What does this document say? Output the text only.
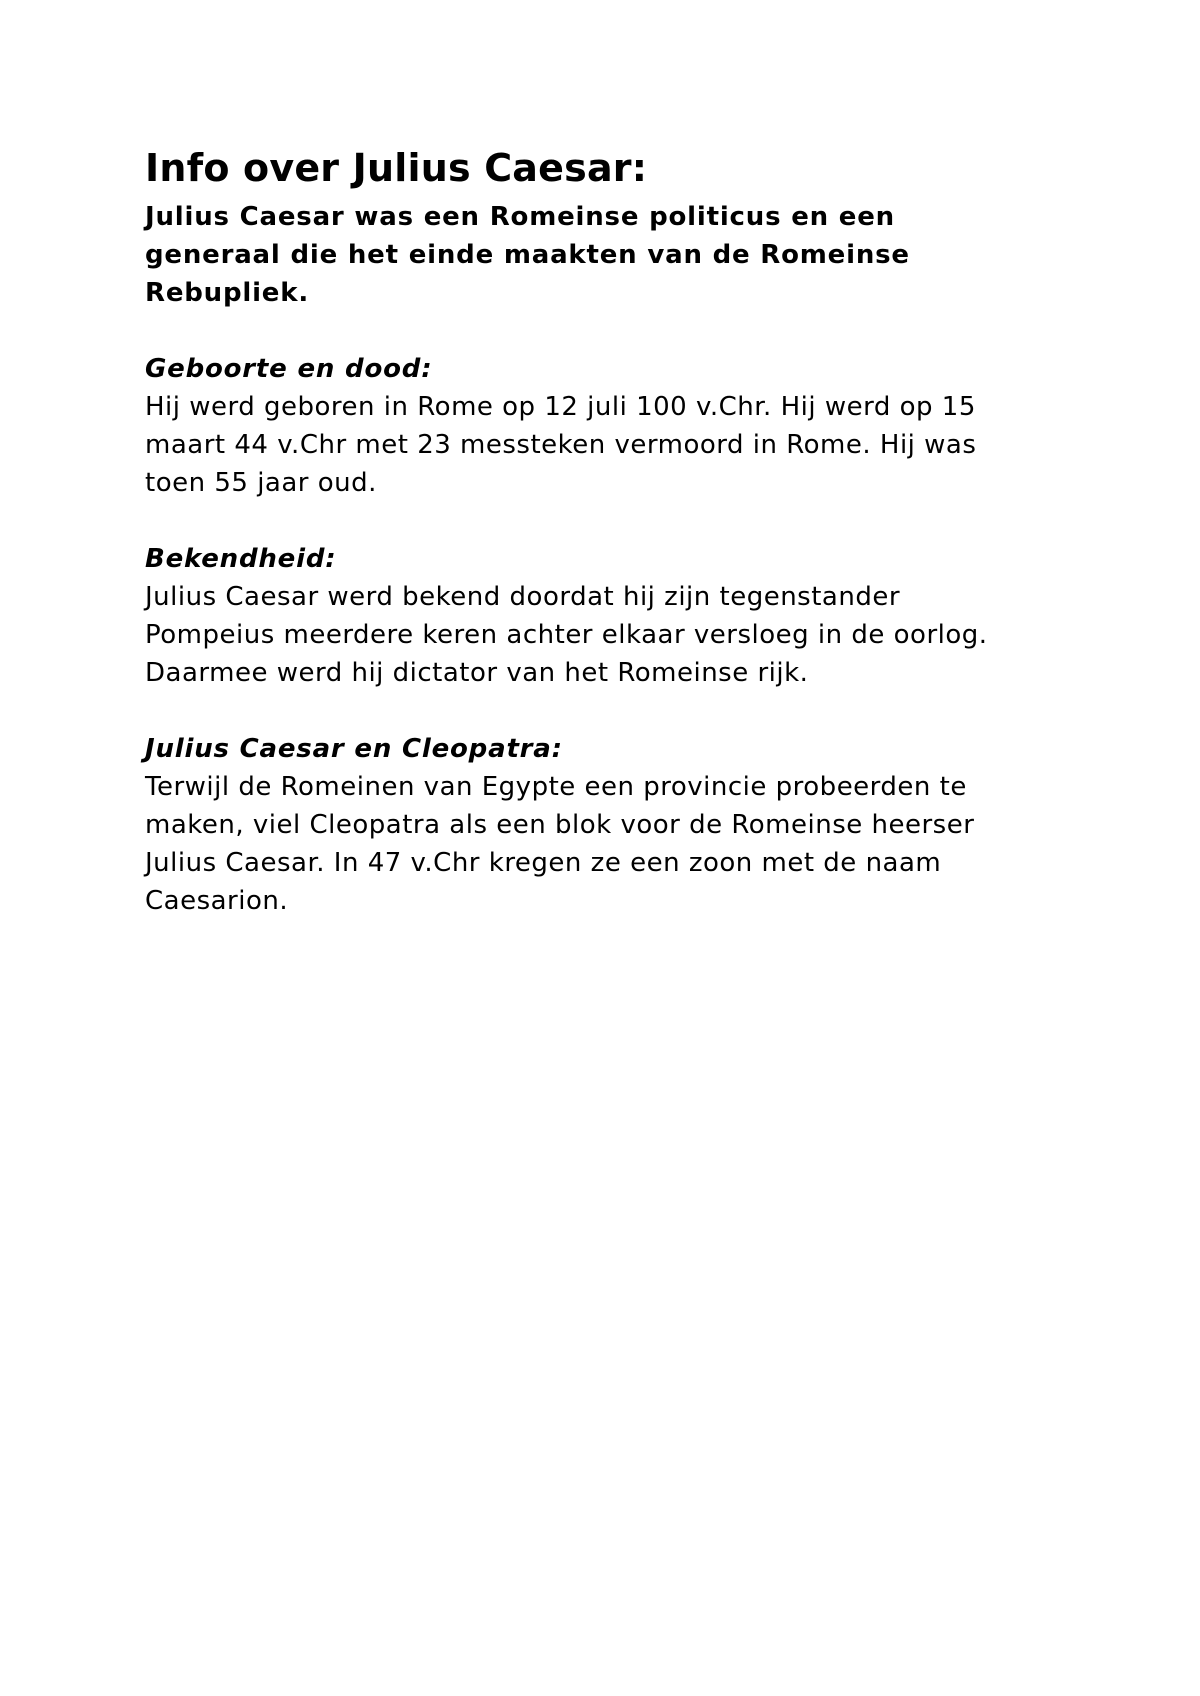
Info over Julius Caesar:

Julius Caesar was een Romeinse politicus en een
generaal die het einde maakten van de Romeinse
Rebupliek.

Geboorte en dood:

Hij werd geboren in Rome op 12 juli 100 v.Chr. Hij werd op 15
maart 44 v.Chr met 23 messteken vermoord in Rome. Hij was
toen 55 jaar oud.

Bekendheid:

Julius Caesar werd bekend doordat hij zijn tegenstander
Pompeius meerdere keren achter elkaar versloeg in de oorlog.
Daarmee werd hij dictator van het Romeinse rijk.

Julius Caesar en Cleopatra:

Terwijl de Romeinen van Egypte een provincie probeerden te
maken, viel Cleopatra als een blok voor de Romeinse heerser
Julius Caesar. In 47 v.Chr kregen ze een zoon met de naam
Caesarion.
